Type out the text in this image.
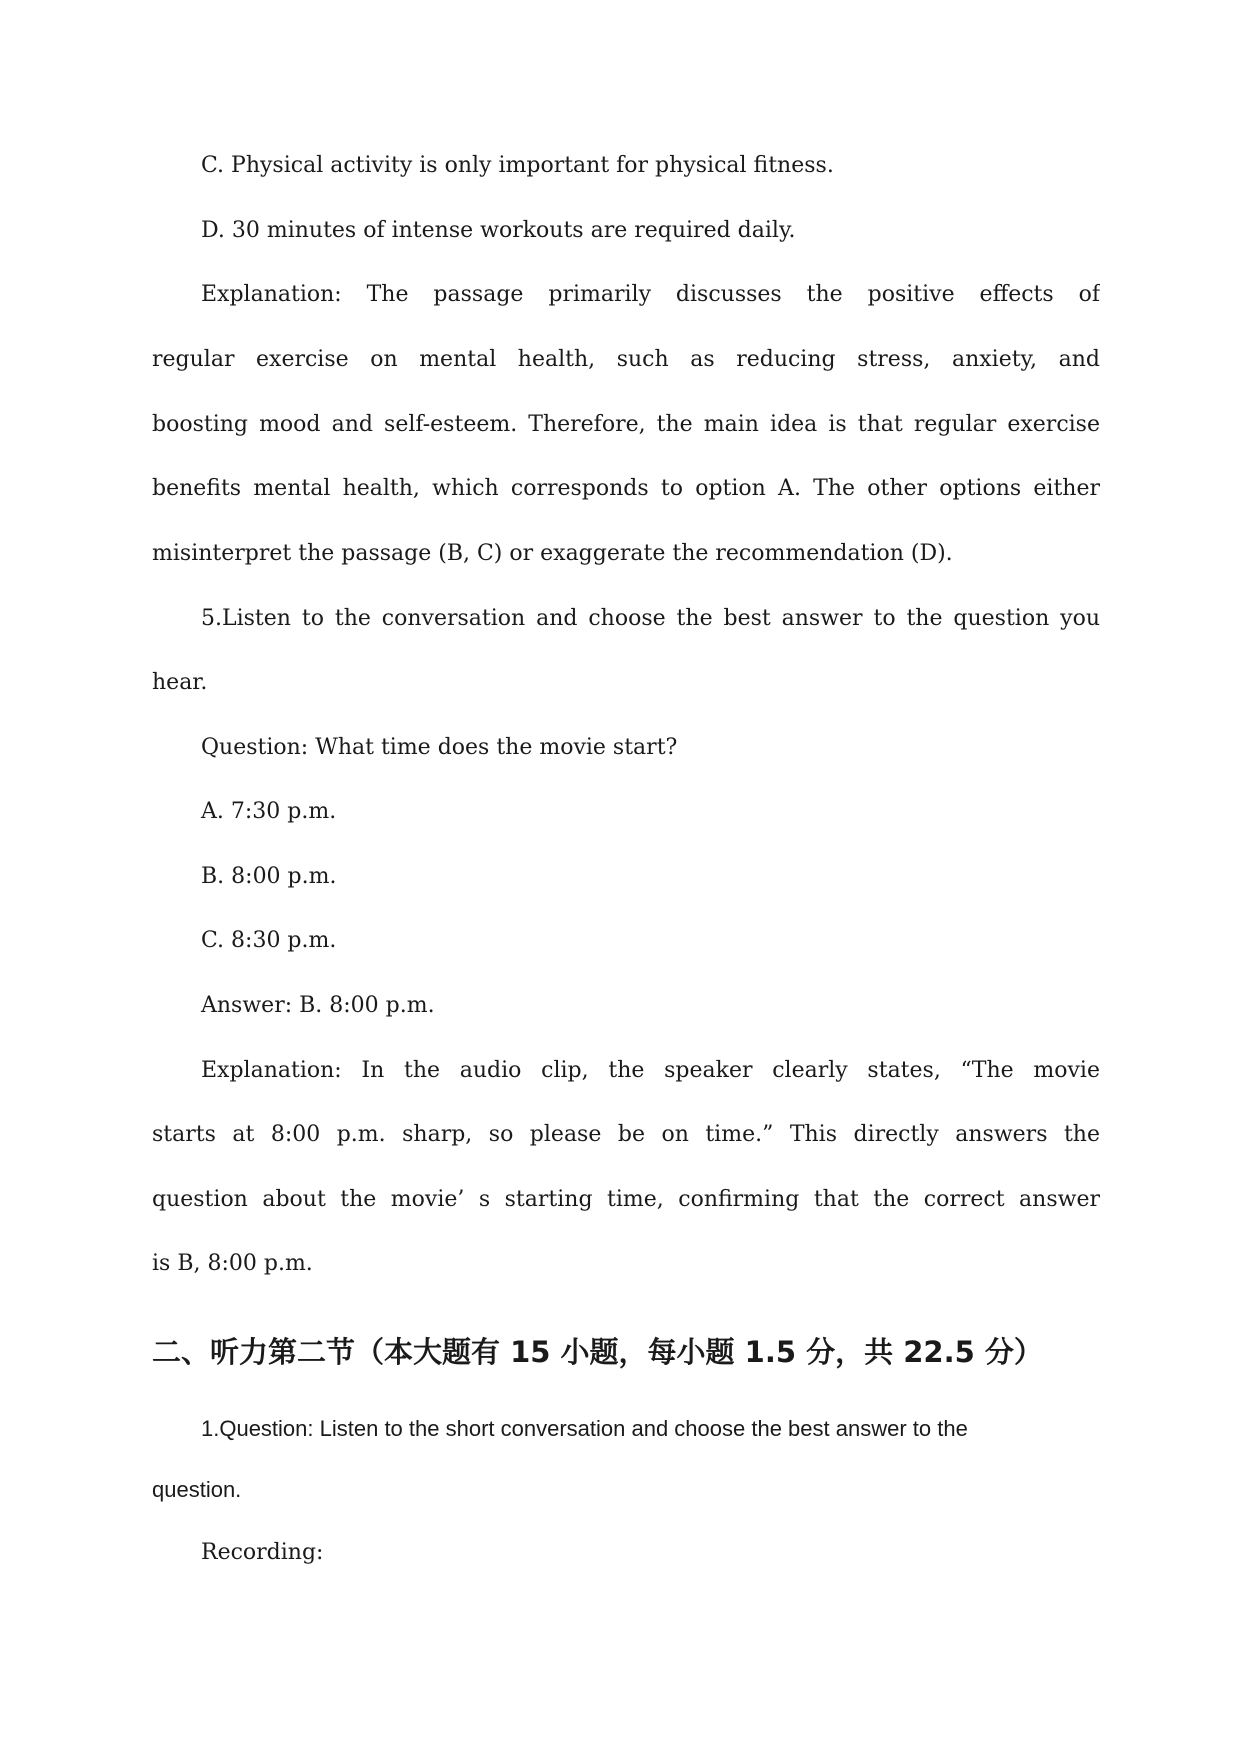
C. Physical activity is only important for physical fitness.
D. 30 minutes of intense workouts are required daily.
Explanation: The passage primarily discusses the positive effects of
regular exercise on mental health, such as reducing stress, anxiety, and
boosting mood and self-esteem. Therefore, the main idea is that regular exercise
benefits mental health, which corresponds to option A. The other options either
misinterpret the passage (B, C) or exaggerate the recommendation (D).
5.Listen to the conversation and choose the best answer to the question you
hear.
Question: What time does the movie start?
A. 7:30 p.m.
B. 8:00 p.m.
C. 8:30 p.m.
Answer: B. 8:00 p.m.
Explanation: In the audio clip, the speaker clearly states, “The movie
starts at 8:00 p.m. sharp, so please be on time.” This directly answers the
question about the movie’ s starting time, confirming that the correct answer
is B, 8:00 p.m.
二、听力第二节（本大题有 15 小题，每小题 1.5 分，共 22.5 分）
1.Question: Listen to the short conversation and choose the best answer to the
question.
Recording:
